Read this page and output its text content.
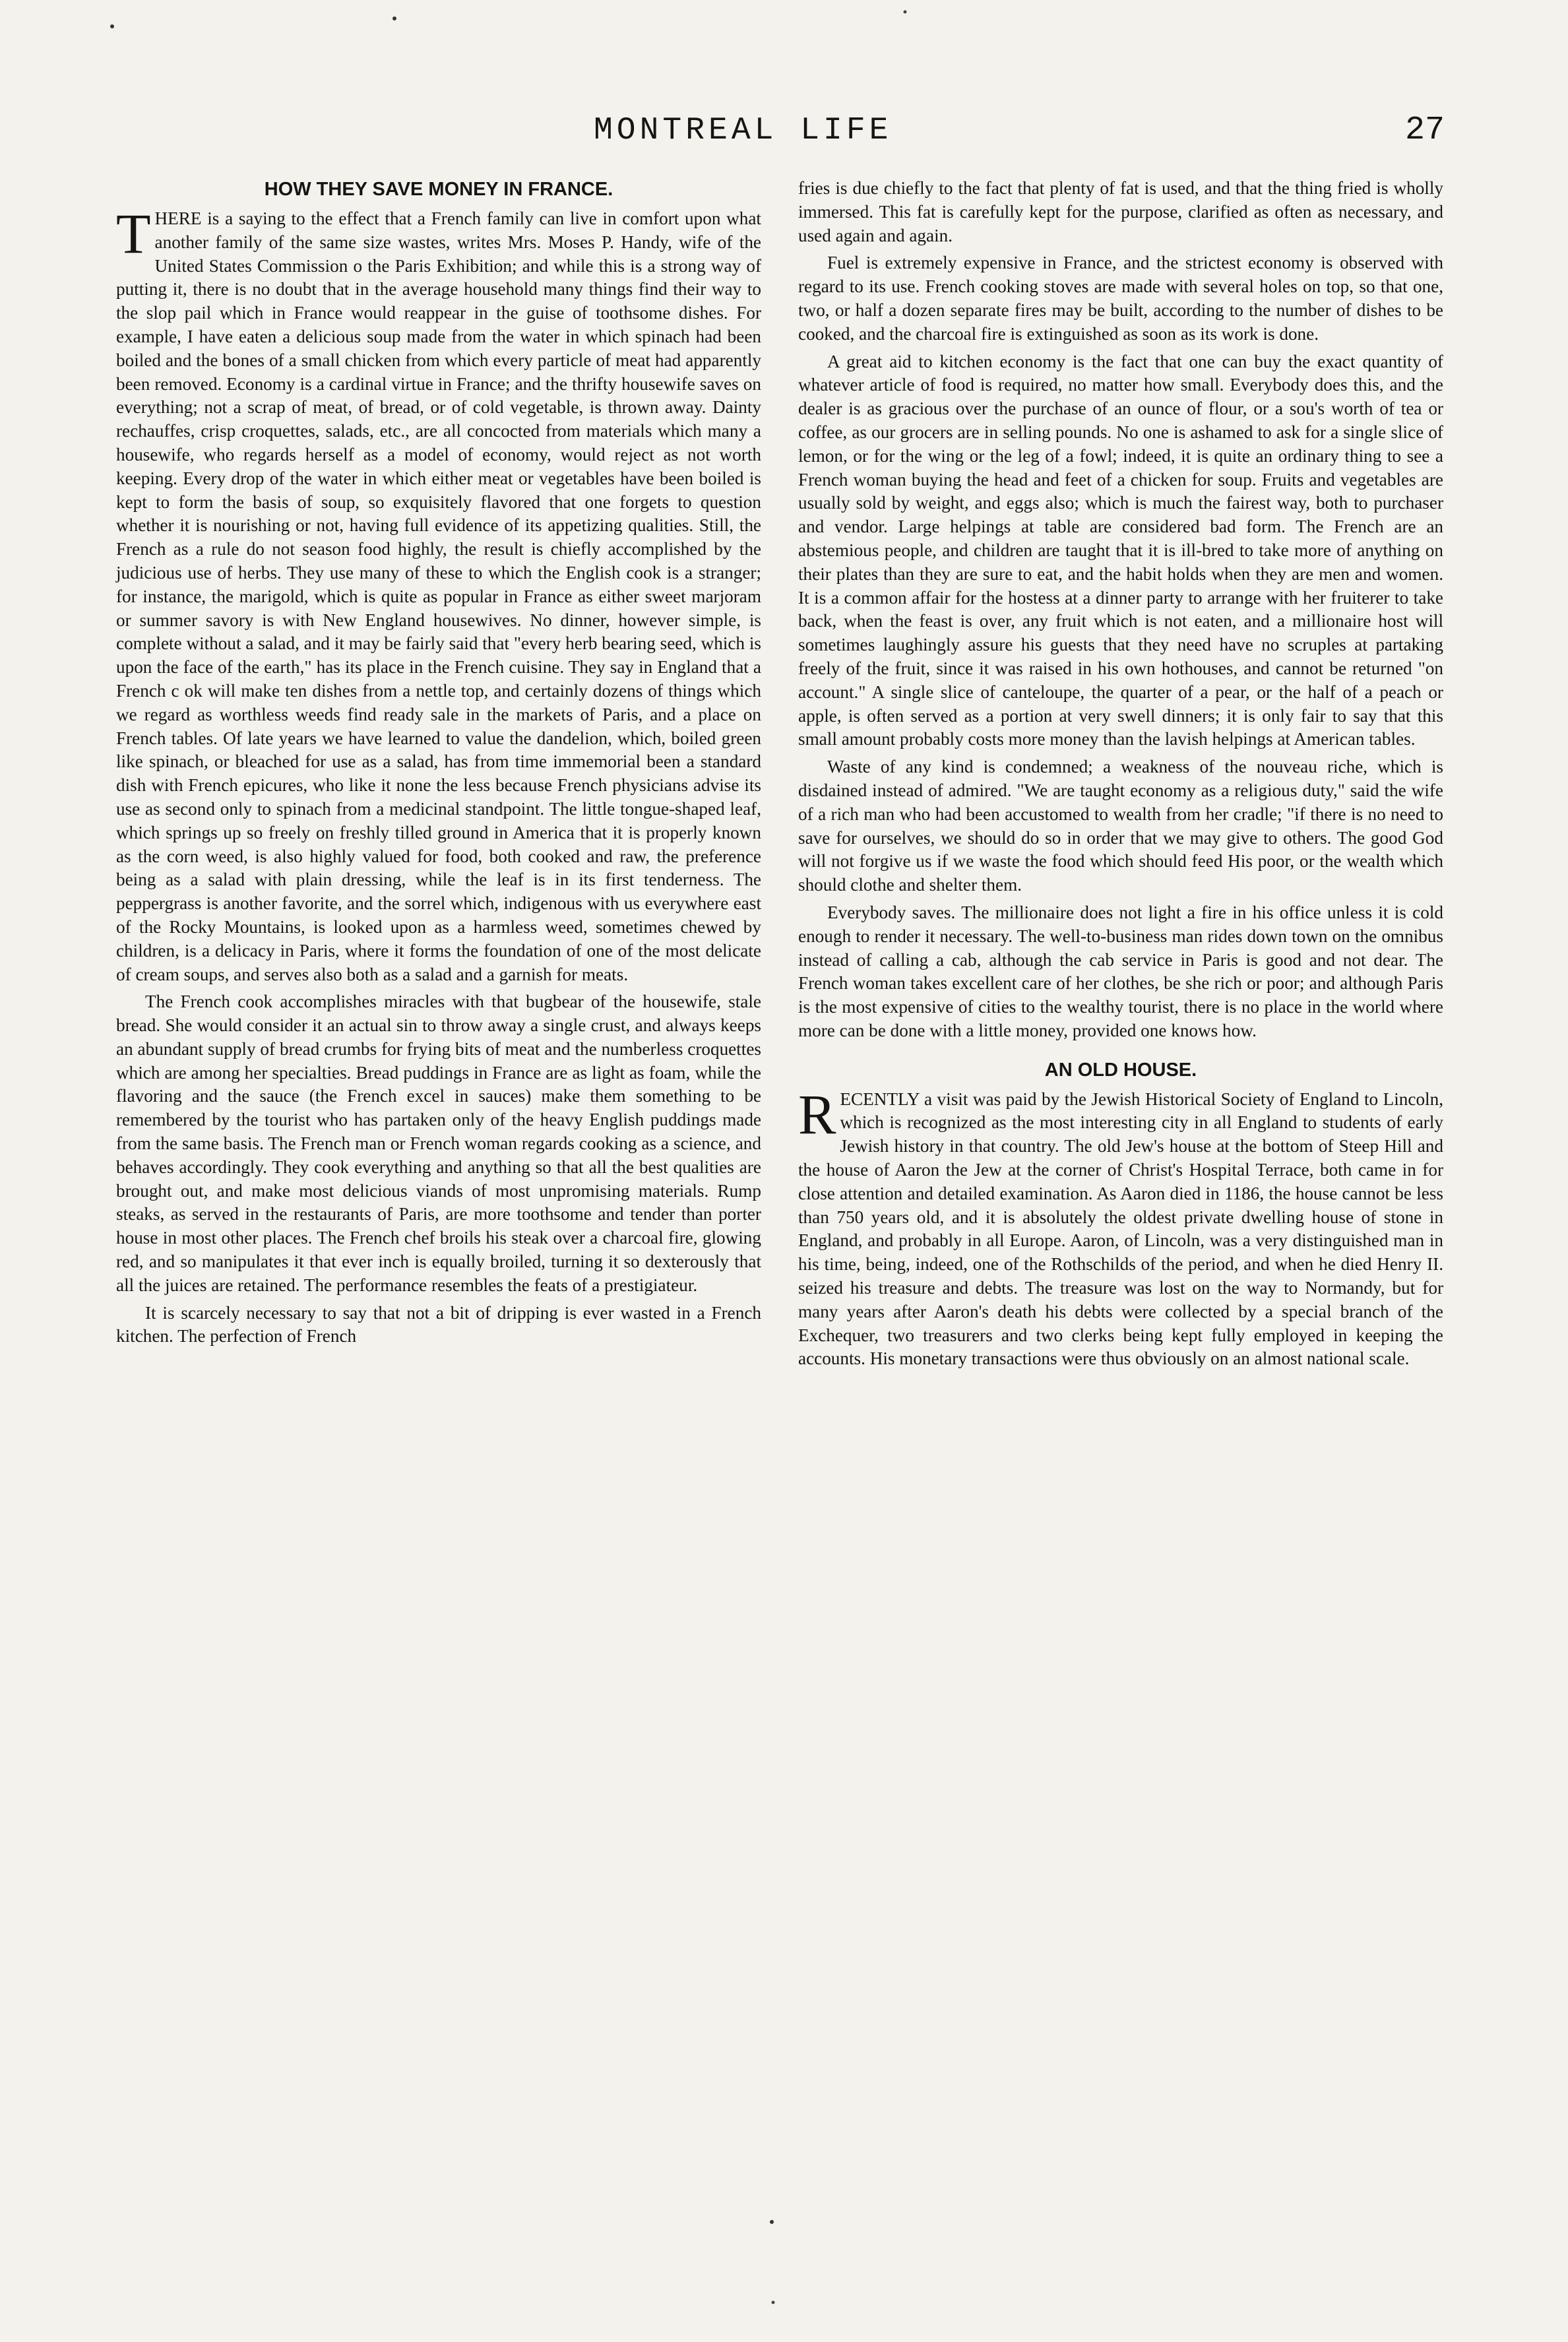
MONTREAL LIFE	27
HOW THEY SAVE MONEY IN FRANCE.

THERE is a saying to the effect that a French family can live in comfort upon what another family of the same size wastes, writes Mrs. Moses P. Handy, wife of the United States Commission o the Paris Exhibition; and while this is a strong way of putting it, there is no doubt that in the average household many things find their way to the slop pail which in France would reappear in the guise of toothsome dishes. For example, I have eaten a delicious soup made from the water in which spinach had been boiled and the bones of a small chicken from which every particle of meat had apparently been removed. Economy is a cardinal virtue in France; and the thrifty housewife saves on everything; not a scrap of meat, of bread, or of cold vegetable, is thrown away. Dainty rechauffes, crisp croquettes, salads, etc., are all concocted from materials which many a housewife, who regards herself as a model of economy, would reject as not worth keeping. Every drop of the water in which either meat or vegetables have been boiled is kept to form the basis of soup, so exquisitely flavored that one forgets to question whether it is nourishing or not, having full evidence of its appetizing qualities. Still, the French as a rule do not season food highly, the result is chiefly accomplished by the judicious use of herbs. They use many of these to which the English cook is a stranger; for instance, the marigold, which is quite as popular in France as either sweet marjoram or summer savory is with New England housewives. No dinner, however simple, is complete without a salad, and it may be fairly said that "every herb bearing seed, which is upon the face of the earth," has its place in the French cuisine. They say in England that a French c ok will make ten dishes from a nettle top, and certainly dozens of things which we regard as worthless weeds find ready sale in the markets of Paris, and a place on French tables. Of late years we have learned to value the dandelion, which, boiled green like spinach, or bleached for use as a salad, has from time immemorial been a standard dish with French epicures, who like it none the less because French physicians advise its use as second only to spinach from a medicinal standpoint. The little tongue-shaped leaf, which springs up so freely on freshly tilled ground in America that it is properly known as the corn weed, is also highly valued for food, both cooked and raw, the preference being as a salad with plain dressing, while the leaf is in its first tenderness. The peppergrass is another favorite, and the sorrel which, indigenous with us everywhere east of the Rocky Mountains, is looked upon as a harmless weed, sometimes chewed by children, is a delicacy in Paris, where it forms the foundation of one of the most delicate of cream soups, and serves also both as a salad and a garnish for meats.

The French cook accomplishes miracles with that bugbear of the housewife, stale bread. She would consider it an actual sin to throw away a single crust, and always keeps an abundant supply of bread crumbs for frying bits of meat and the numberless croquettes which are among her specialties. Bread puddings in France are as light as foam, while the flavoring and the sauce (the French excel in sauces) make them something to be remembered by the tourist who has partaken only of the heavy English puddings made from the same basis. The French man or French woman regards cooking as a science, and behaves accordingly. They cook everything and anything so that all the best qualities are brought out, and make most delicious viands of most unpromising materials. Rump steaks, as served in the restaurants of Paris, are more toothsome and tender than porter house in most other places. The French chef broils his steak over a charcoal fire, glowing red, and so manipulates it that ever inch is equally broiled, turning it so dexterously that all the juices are retained. The performance resembles the feats of a prestigiateur.

It is scarcely necessary to say that not a bit of dripping is ever wasted in a French kitchen. The perfection of French

fries is due chiefly to the fact that plenty of fat is used, and that the thing fried is wholly immersed. This fat is carefully kept for the purpose, clarified as often as necessary, and used again and again.

Fuel is extremely expensive in France, and the strictest economy is observed with regard to its use. French cooking stoves are made with several holes on top, so that one, two, or half a dozen separate fires may be built, according to the number of dishes to be cooked, and the charcoal fire is extinguished as soon as its work is done.

A great aid to kitchen economy is the fact that one can buy the exact quantity of whatever article of food is required, no matter how small. Everybody does this, and the dealer is as gracious over the purchase of an ounce of flour, or a sou's worth of tea or coffee, as our grocers are in selling pounds. No one is ashamed to ask for a single slice of lemon, or for the wing or the leg of a fowl; indeed, it is quite an ordinary thing to see a French woman buying the head and feet of a chicken for soup. Fruits and vegetables are usually sold by weight, and eggs also; which is much the fairest way, both to purchaser and vendor. Large helpings at table are considered bad form. The French are an abstemious people, and children are taught that it is ill-bred to take more of anything on their plates than they are sure to eat, and the habit holds when they are men and women. It is a common affair for the hostess at a dinner party to arrange with her fruiterer to take back, when the feast is over, any fruit which is not eaten, and a millionaire host will sometimes laughingly assure his guests that they need have no scruples at partaking freely of the fruit, since it was raised in his own hothouses, and cannot be returned "on account." A single slice of canteloupe, the quarter of a pear, or the half of a peach or apple, is often served as a portion at very swell dinners; it is only fair to say that this small amount probably costs more money than the lavish helpings at American tables.

Waste of any kind is condemned; a weakness of the nouveau riche, which is disdained instead of admired. "We are taught economy as a religious duty," said the wife of a rich man who had been accustomed to wealth from her cradle; "if there is no need to save for ourselves, we should do so in order that we may give to others. The good God will not forgive us if we waste the food which should feed His poor, or the wealth which should clothe and shelter them.

Everybody saves. The millionaire does not light a fire in his office unless it is cold enough to render it necessary. The well-to-business man rides down town on the omnibus instead of calling a cab, although the cab service in Paris is good and not dear. The French woman takes excellent care of her clothes, be she rich or poor; and although Paris is the most expensive of cities to the wealthy tourist, there is no place in the world where more can be done with a little money, provided one knows how.

AN OLD HOUSE.

RECENTLY a visit was paid by the Jewish Historical Society of England to Lincoln, which is recognized as the most interesting city in all England to students of early Jewish history in that country. The old Jew's house at the bottom of Steep Hill and the house of Aaron the Jew at the corner of Christ's Hospital Terrace, both came in for close attention and detailed examination. As Aaron died in 1186, the house cannot be less than 750 years old, and it is absolutely the oldest private dwelling house of stone in England, and probably in all Europe. Aaron, of Lincoln, was a very distinguished man in his time, being, indeed, one of the Rothschilds of the period, and when he died Henry II. seized his treasure and debts. The treasure was lost on the way to Normandy, but for many years after Aaron's death his debts were collected by a special branch of the Exchequer, two treasurers and two clerks being kept fully employed in keeping the accounts. His monetary transactions were thus obviously on an almost national scale.
